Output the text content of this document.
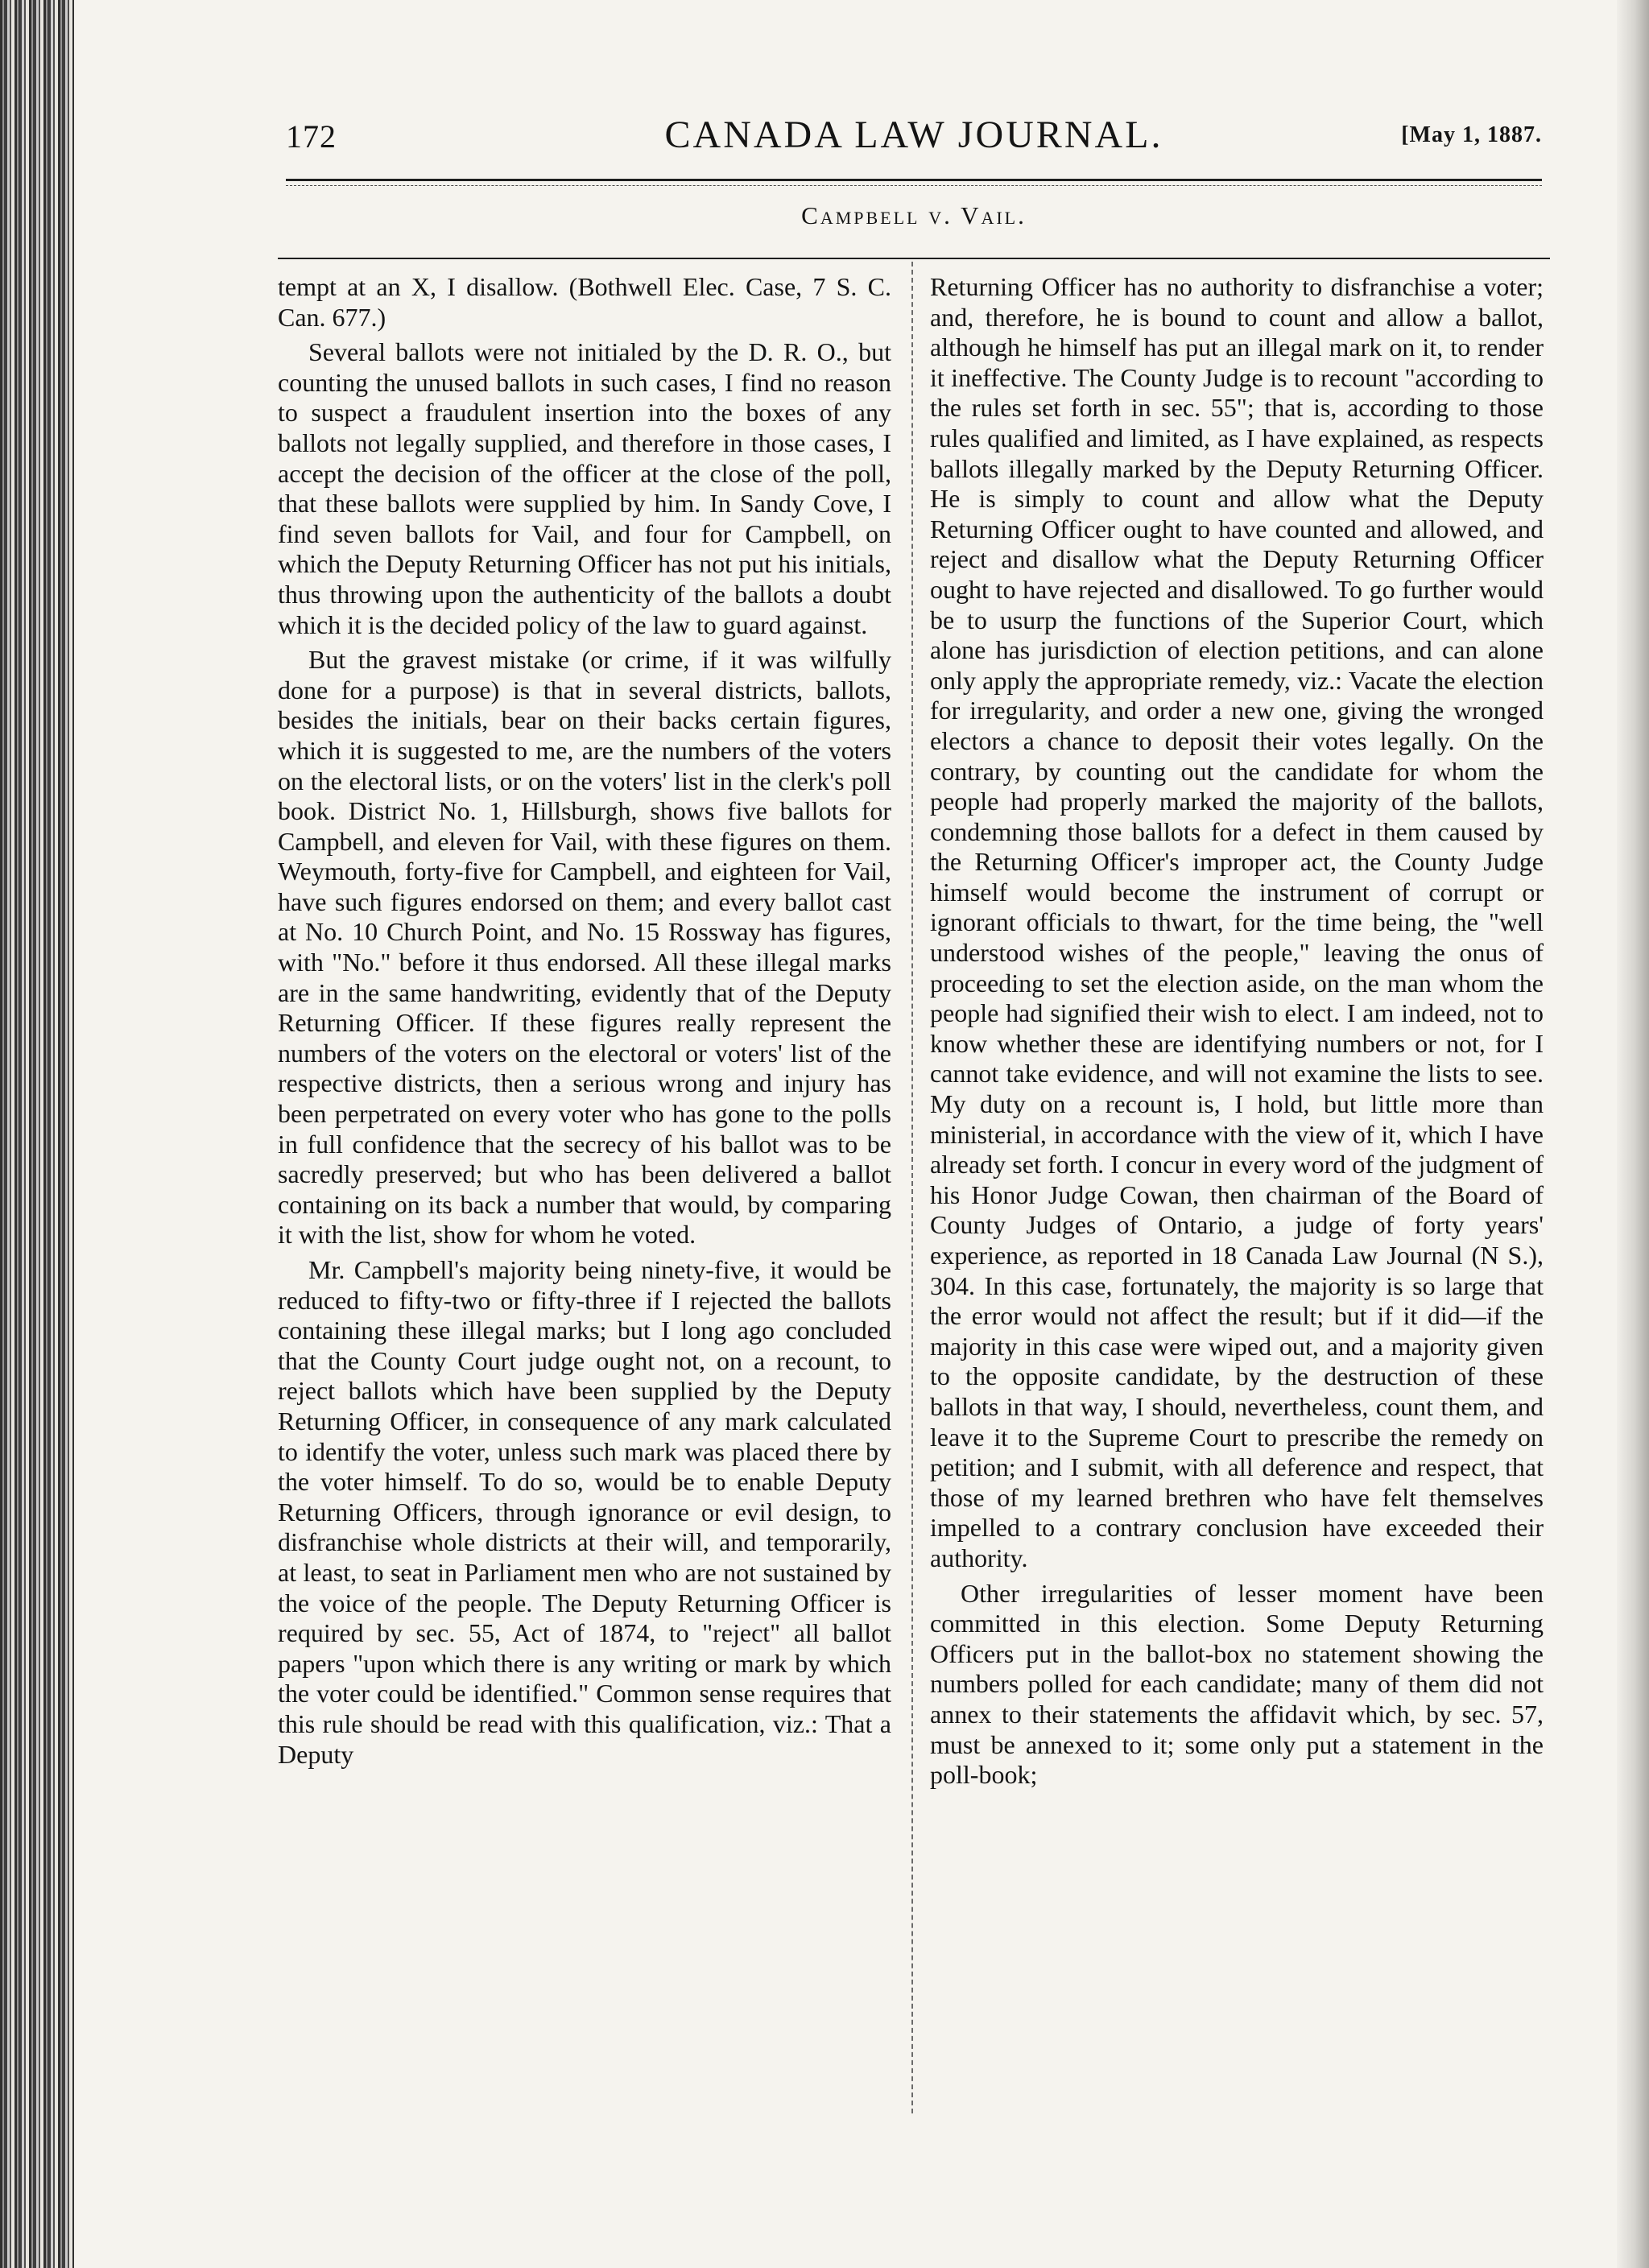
172	CANADA LAW JOURNAL.	[May 1, 1887.
Campbell v. Vail.

tempt at an X, I disallow. (Bothwell Elec. Case, 7 S. C. Can. 677.)

Several ballots were not initialed by the D. R. O., but counting the unused ballots in such cases, I find no reason to suspect a fraudulent insertion into the boxes of any ballots not legally supplied, and therefore in those cases, I accept the decision of the officer at the close of the poll, that these ballots were supplied by him. In Sandy Cove, I find seven ballots for Vail, and four for Campbell, on which the Deputy Returning Officer has not put his initials, thus throwing upon the authenticity of the ballots a doubt which it is the decided policy of the law to guard against.

But the gravest mistake (or crime, if it was wilfully done for a purpose) is that in several districts, ballots, besides the initials, bear on their backs certain figures, which it is suggested to me, are the numbers of the voters on the electoral lists, or on the voters' list in the clerk's poll book. District No. 1, Hillsburgh, shows five ballots for Campbell, and eleven for Vail, with these figures on them. Weymouth, forty-five for Campbell, and eighteen for Vail, have such figures endorsed on them; and every ballot cast at No. 10 Church Point, and No. 15 Rossway has figures, with "No." before it thus endorsed. All these illegal marks are in the same handwriting, evidently that of the Deputy Returning Officer. If these figures really represent the numbers of the voters on the electoral or voters' list of the respective districts, then a serious wrong and injury has been perpetrated on every voter who has gone to the polls in full confidence that the secrecy of his ballot was to be sacredly preserved; but who has been delivered a ballot containing on its back a number that would, by comparing it with the list, show for whom he voted.

Mr. Campbell's majority being ninety-five, it would be reduced to fifty-two or fifty-three if I rejected the ballots containing these illegal marks; but I long ago concluded that the County Court judge ought not, on a recount, to reject ballots which have been supplied by the Deputy Returning Officer, in consequence of any mark calculated to identify the voter, unless such mark was placed there by the voter himself. To do so, would be to enable Deputy Returning Officers, through ignorance or evil design, to disfranchise whole districts at their will, and temporarily, at least, to seat in Parliament men who are not sustained by the voice of the people. The Deputy Returning Officer is required by sec. 55, Act of 1874, to "reject" all ballot papers "upon which there is any writing or mark by which the voter could be identified." Common sense requires that this rule should be read with this qualification, viz.: That a Deputy

Returning Officer has no authority to disfranchise a voter; and, therefore, he is bound to count and allow a ballot, although he himself has put an illegal mark on it, to render it ineffective. The County Judge is to recount "according to the rules set forth in sec. 55"; that is, according to those rules qualified and limited, as I have explained, as respects ballots illegally marked by the Deputy Returning Officer. He is simply to count and allow what the Deputy Returning Officer ought to have counted and allowed, and reject and disallow what the Deputy Returning Officer ought to have rejected and disallowed. To go further would be to usurp the functions of the Superior Court, which alone has jurisdiction of election petitions, and can alone only apply the appropriate remedy, viz.: Vacate the election for irregularity, and order a new one, giving the wronged electors a chance to deposit their votes legally. On the contrary, by counting out the candidate for whom the people had properly marked the majority of the ballots, condemning those ballots for a defect in them caused by the Returning Officer's improper act, the County Judge himself would become the instrument of corrupt or ignorant officials to thwart, for the time being, the "well understood wishes of the people," leaving the onus of proceeding to set the election aside, on the man whom the people had signified their wish to elect. I am indeed, not to know whether these are identifying numbers or not, for I cannot take evidence, and will not examine the lists to see. My duty on a recount is, I hold, but little more than ministerial, in accordance with the view of it, which I have already set forth. I concur in every word of the judgment of his Honor Judge Cowan, then chairman of the Board of County Judges of Ontario, a judge of forty years' experience, as reported in 18 Canada Law Journal (N S.), 304. In this case, fortunately, the majority is so large that the error would not affect the result; but if it did—if the majority in this case were wiped out, and a majority given to the opposite candidate, by the destruction of these ballots in that way, I should, nevertheless, count them, and leave it to the Supreme Court to prescribe the remedy on petition; and I submit, with all deference and respect, that those of my learned brethren who have felt themselves impelled to a contrary conclusion have exceeded their authority.

Other irregularities of lesser moment have been committed in this election. Some Deputy Returning Officers put in the ballot-box no statement showing the numbers polled for each candidate; many of them did not annex to their statements the affidavit which, by sec. 57, must be annexed to it; some only put a statement in the poll-book;
